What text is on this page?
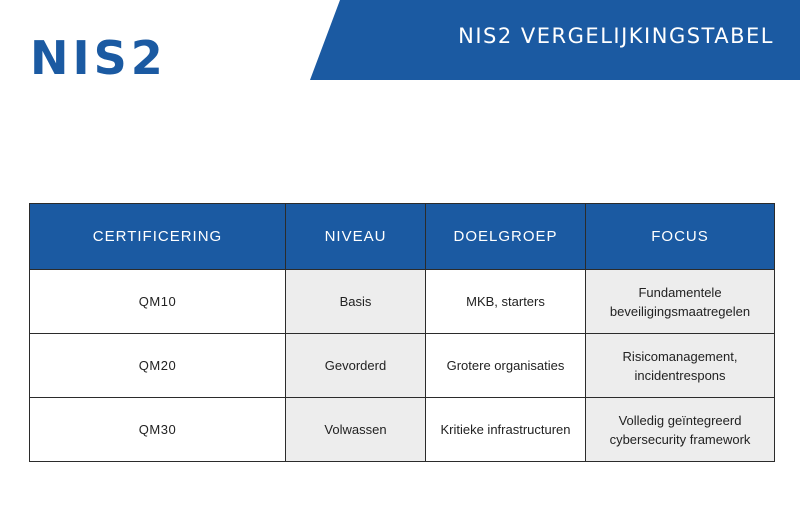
NIS2	NIS2 VERGELIJKINGSTABEL
CERTIFICERING	NIVEAU	DOELGROEP	FOCUS
QM10	Basis	MKB, starters	Fundamentele beveiligingsmaatregelen
QM20	Gevorderd	Grotere organisaties	Risicomanagement, incidentrespons
QM30	Volwassen	Kritieke infrastructuren	Volledig geïntegreerd cybersecurity framework
